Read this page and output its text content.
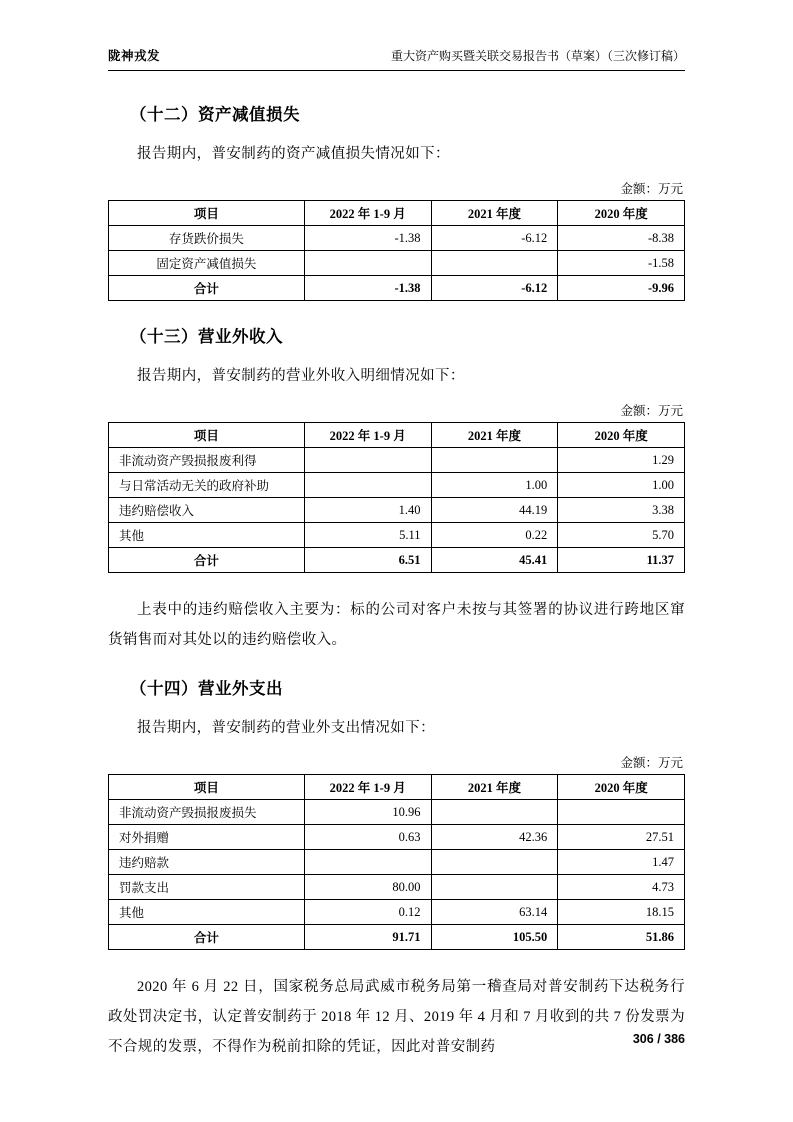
陇神戎发	重大资产购买暨关联交易报告书（草案）（三次修订稿）
（十二）资产减值损失

报告期内，普安制药的资产减值损失情况如下：

金额：万元
项目	2022 年 1-9 月	2021 年度	2020 年度
存货跌价损失	-1.38	-6.12	-8.38
固定资产减值损失			-1.58
合计	-1.38	-6.12	-9.96
（十三）营业外收入

报告期内，普安制药的营业外收入明细情况如下：

金额：万元
项目	2022 年 1-9 月	2021 年度	2020 年度
非流动资产毁损报废利得			1.29
与日常活动无关的政府补助		1.00	1.00
违约赔偿收入	1.40	44.19	3.38
其他	5.11	0.22	5.70
合计	6.51	45.41	11.37

上表中的违约赔偿收入主要为：标的公司对客户未按与其签署的协议进行跨地区窜货销售而对其处以的违约赔偿收入。

（十四）营业外支出

报告期内，普安制药的营业外支出情况如下：

金额：万元
项目	2022 年 1-9 月	2021 年度	2020 年度
非流动资产毁损报废损失	10.96		
对外捐赠	0.63	42.36	27.51
违约赔款			1.47
罚款支出	80.00		4.73
其他	0.12	63.14	18.15
合计	91.71	105.50	51.86

2020 年 6 月 22 日，国家税务总局武威市税务局第一稽查局对普安制药下达税务行政处罚决定书，认定普安制药于 2018 年 12 月、2019 年 4 月和 7 月收到的共 7 份发票为不合规的发票，不得作为税前扣除的凭证，因此对普安制药	306 / 386
